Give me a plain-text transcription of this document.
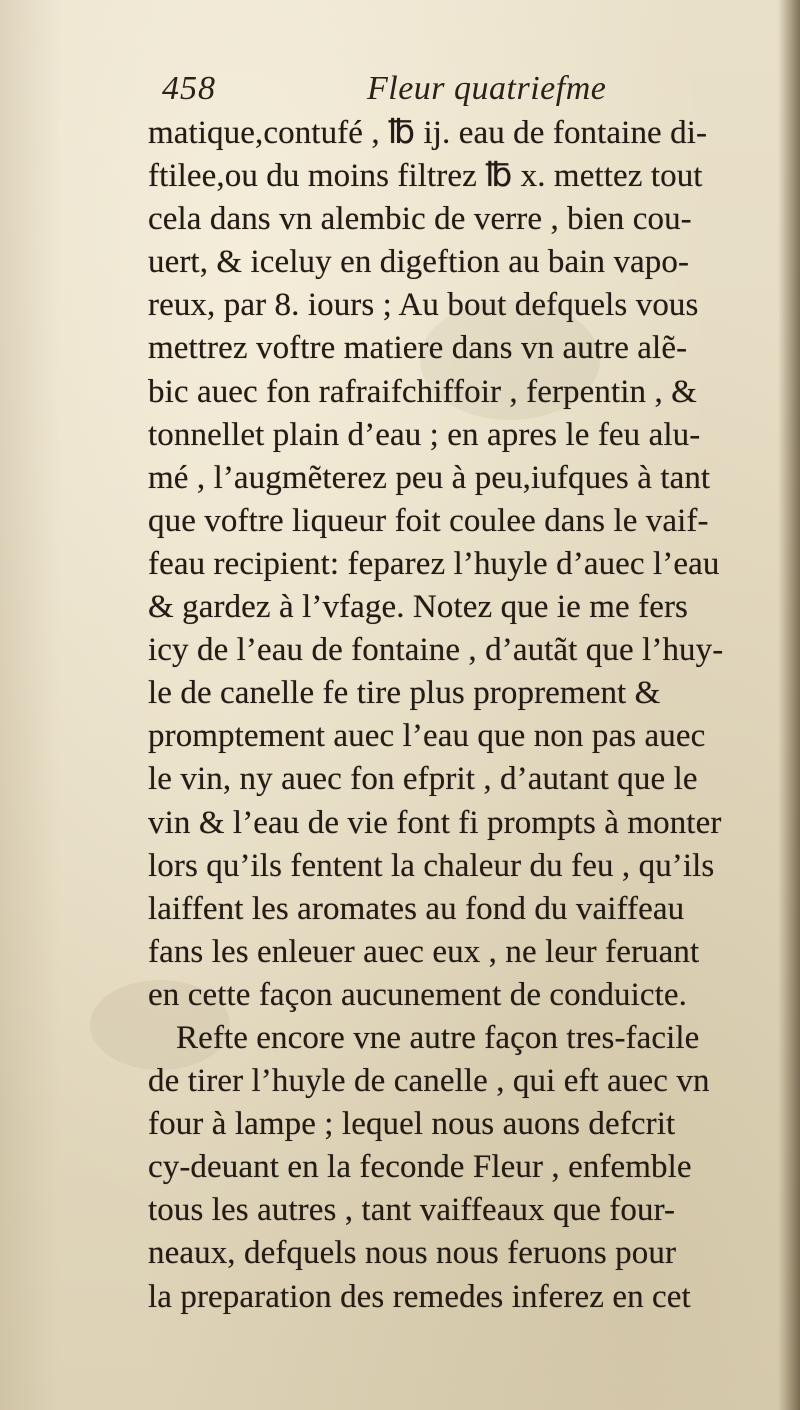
458	Fleur quatriefme
matique,contufé , ℔ ij. eau de fontaine di-
ftilee,ou du moins filtrez ℔ x. mettez tout
cela dans vn alembic de verre , bien cou-
uert, & iceluy en digeftion au bain vapo-
reux, par 8. iours ; Au bout defquels vous
mettrez voftre matiere dans vn autre alẽ-
bic auec fon rafraifchiffoir , ferpentin , &
tonnellet plain d’eau ; en apres le feu alu-
mé , l’augmẽterez peu à peu,iufques à tant
que voftre liqueur foit coulee dans le vaif-
feau recipient: feparez l’huyle d’auec l’eau
& gardez à l’vfage. Notez que ie me fers
icy de l’eau de fontaine , d’autãt que l’huy-
le de canelle fe tire plus proprement &
promptement auec l’eau que non pas auec
le vin, ny auec fon efprit , d’autant que le
vin & l’eau de vie font fi prompts à monter
lors qu’ils fentent la chaleur du feu , qu’ils
laiffent les aromates au fond du vaiffeau
fans les enleuer auec eux , ne leur feruant
en cette façon aucunement de conduicte.
Refte encore vne autre façon tres-facile
de tirer l’huyle de canelle , qui eft auec vn
four à lampe ; lequel nous auons defcrit
cy-deuant en la feconde Fleur , enfemble
tous les autres , tant vaiffeaux que four-
neaux, defquels nous nous feruons pour
la preparation des remedes inferez en cet
